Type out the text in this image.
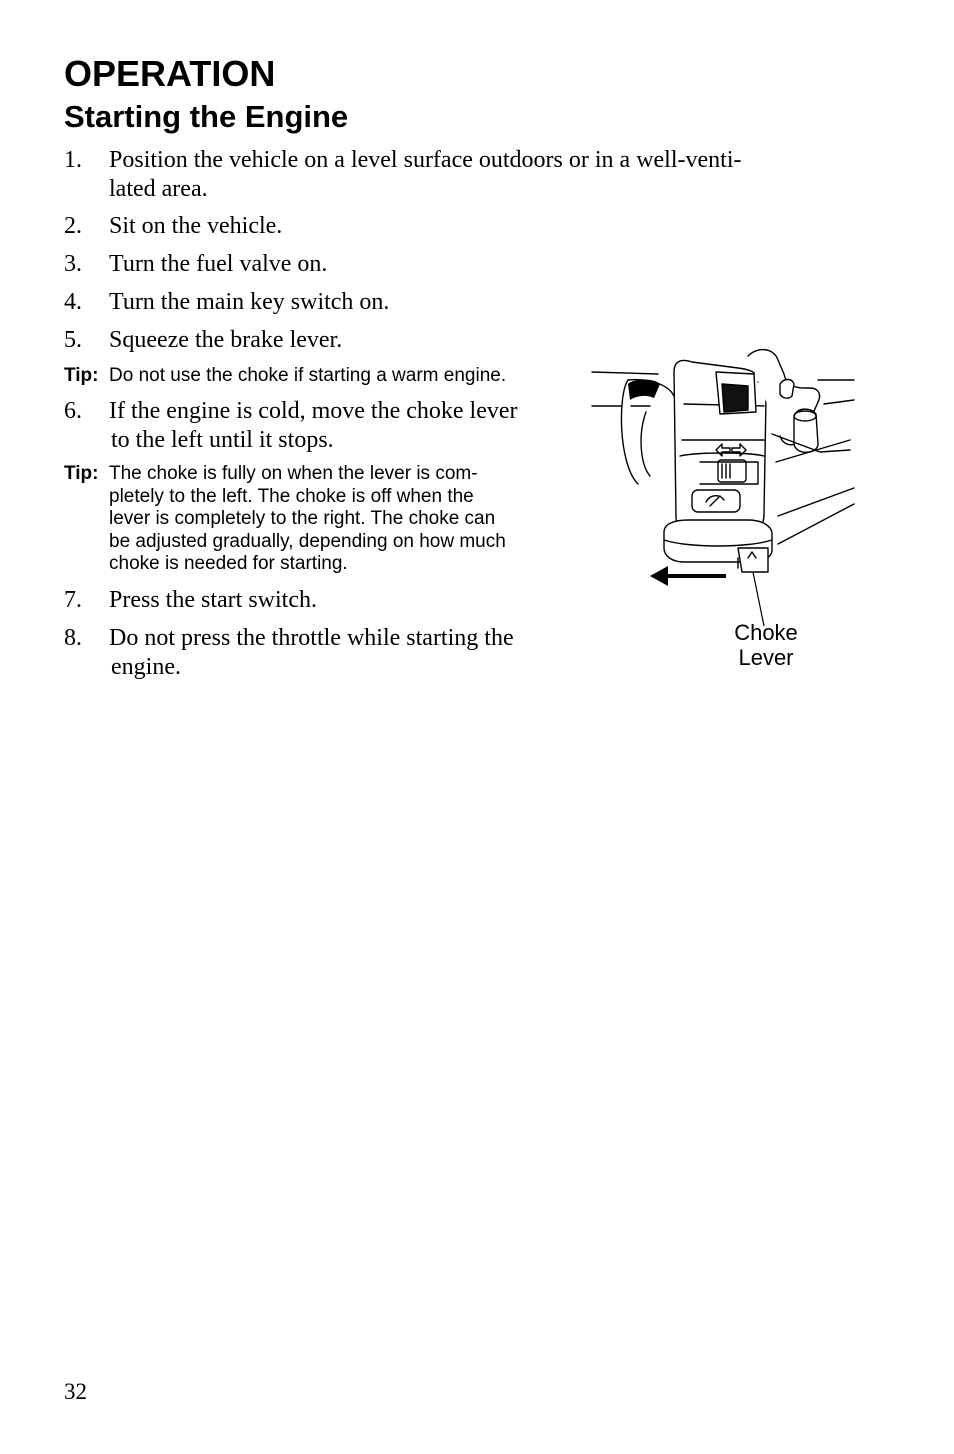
OPERATION
Starting the Engine
1. Position the vehicle on a level surface outdoors or in a well-venti-
lated area.
2. Sit on the vehicle.
3. Turn the fuel valve on.
4. Turn the main key switch on.
5. Squeeze the brake lever.
Tip: Do not use the choke if starting a warm engine.
6. If the engine is cold, move the choke lever
to the left until it stops.
Tip: The choke is fully on when the lever is com-
pletely to the left. The choke is off when the
lever is completely to the right. The choke can
be adjusted gradually, depending on how much
choke is needed for starting.
7. Press the start switch.
8. Do not press the throttle while starting the
engine.
Choke
Lever
32
